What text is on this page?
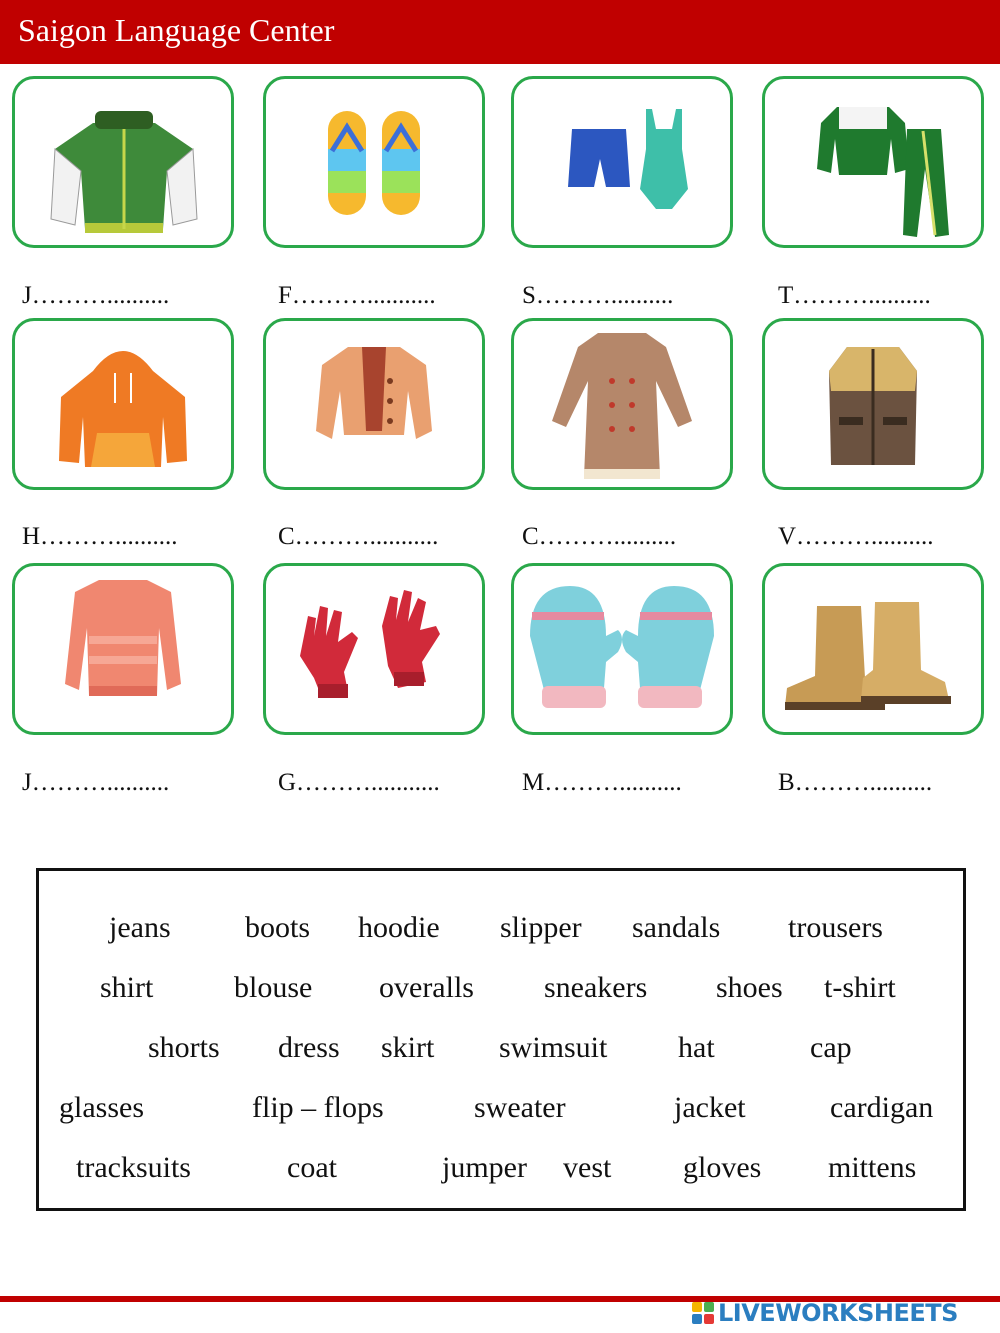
Saigon Language Center
J………..........	F………...........	S………..........	T………..........
H………..........	C………...........	C………..........	V………..........
J………..........	G………...........	M………..........	B………..........
jeans boots hoodie slipper sandals trousers
shirt	blouse overalls sneakers shoes t-shirt
shorts dress skirt swimsuit hat	cap
glasses	flip – flops	sweater	jacket	cardigan
tracksuits	coat	jumper vest gloves mittens
LIVEWORKSHEETS
